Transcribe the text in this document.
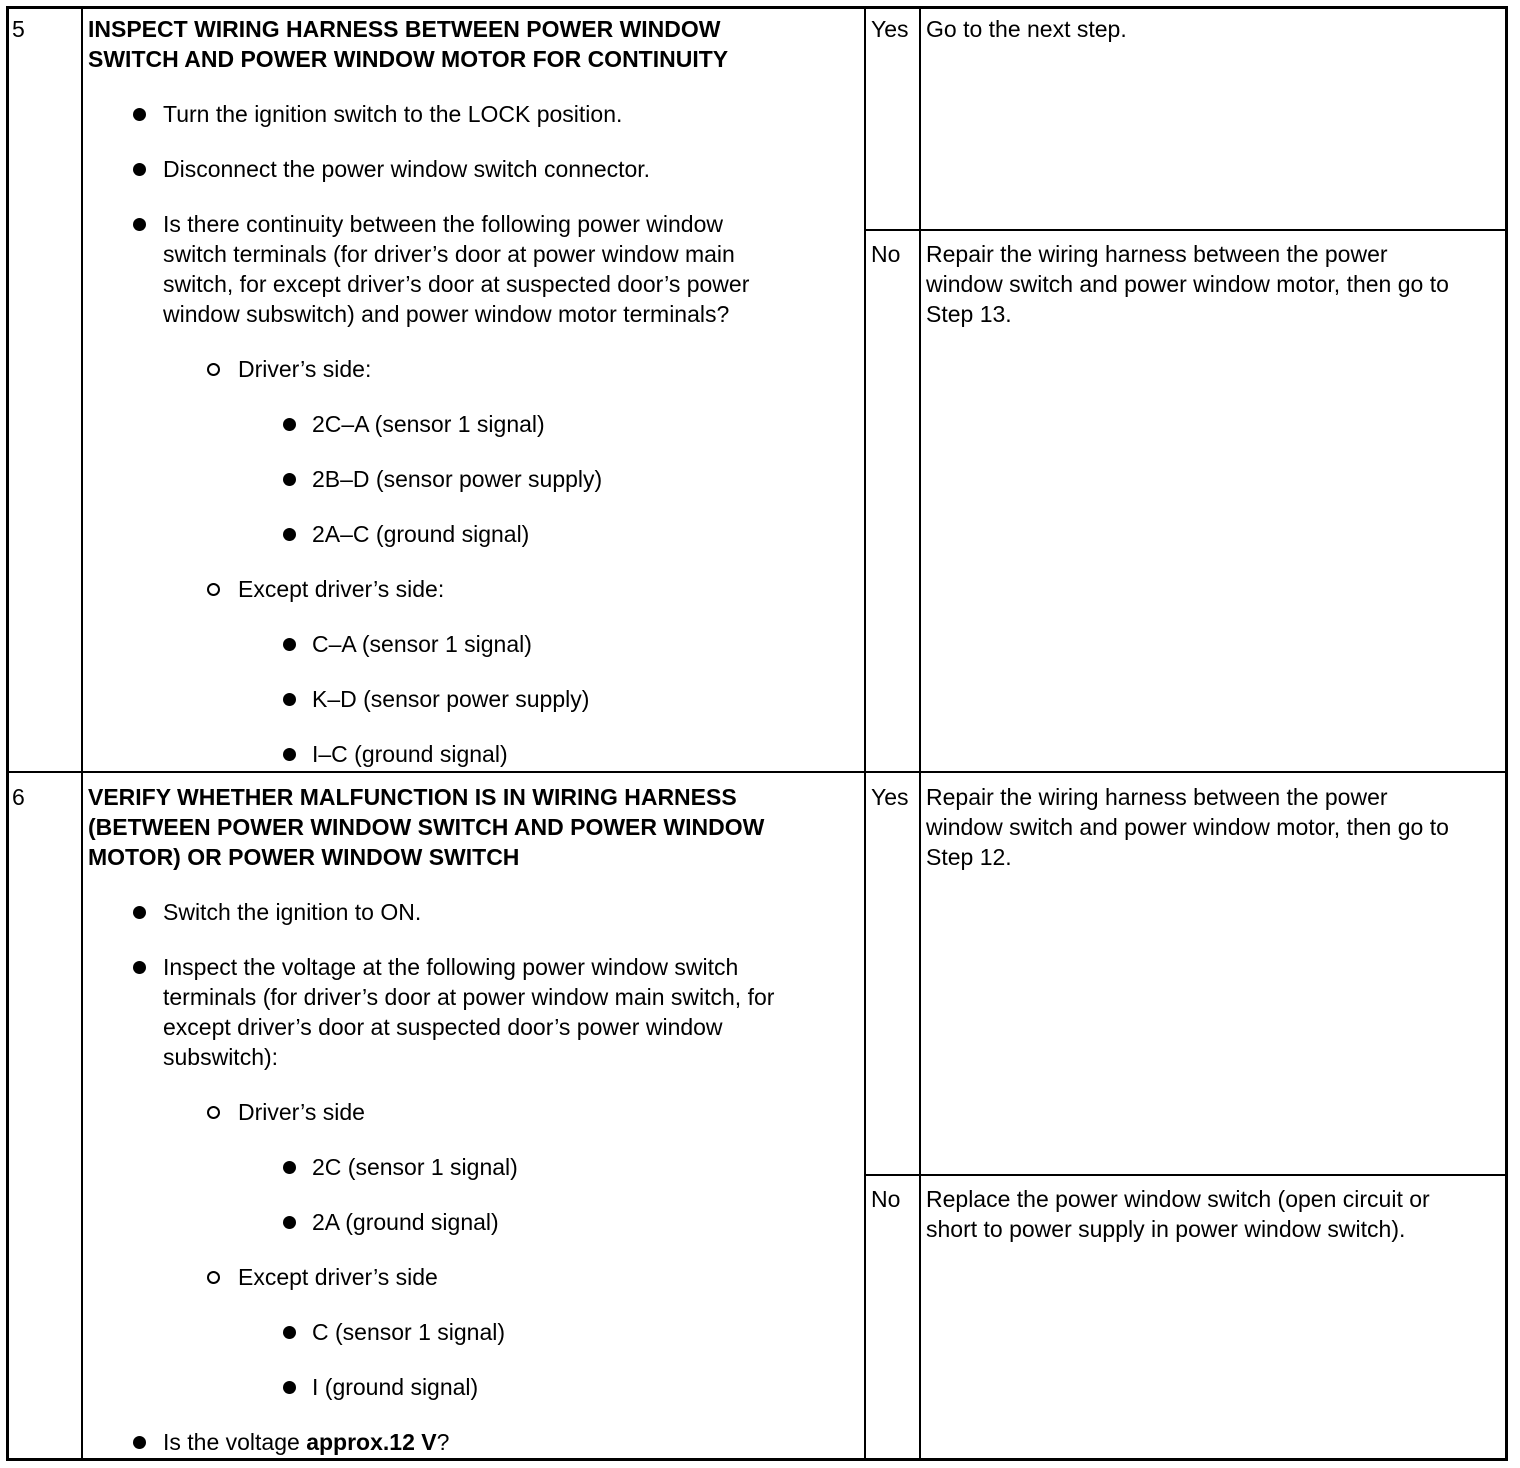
5	INSPECT WIRING HARNESS BETWEEN POWER WINDOW
SWITCH AND POWER WINDOW MOTOR FOR CONTINUITY
Turn the ignition switch to the LOCK position.
Disconnect the power window switch connector.
Is there continuity between the following power window
switch terminals (for driver’s door at power window main
switch, for except driver’s door at suspected door’s power
window subswitch) and power window motor terminals?
Driver’s side:
2C–A (sensor 1 signal)
2B–D (sensor power supply)
2A–C (ground signal)
Except driver’s side:
C–A (sensor 1 signal)
K–D (sensor power supply)
I–C (ground signal)
Yes Go to the next step.
No Repair the wiring harness between the power
window switch and power window motor, then go to
Step 13.
6	VERIFY WHETHER MALFUNCTION IS IN WIRING HARNESS
(BETWEEN POWER WINDOW SWITCH AND POWER WINDOW
MOTOR) OR POWER WINDOW SWITCH
Switch the ignition to ON.
Inspect the voltage at the following power window switch
terminals (for driver’s door at power window main switch, for
except driver’s door at suspected door’s power window
subswitch):
Driver’s side
2C (sensor 1 signal)
2A (ground signal)
Except driver’s side
C (sensor 1 signal)
I (ground signal)
Is the voltage approx.12 V?
Yes Repair the wiring harness between the power
window switch and power window motor, then go to
Step 12.
No Replace the power window switch (open circuit or
short to power supply in power window switch).
